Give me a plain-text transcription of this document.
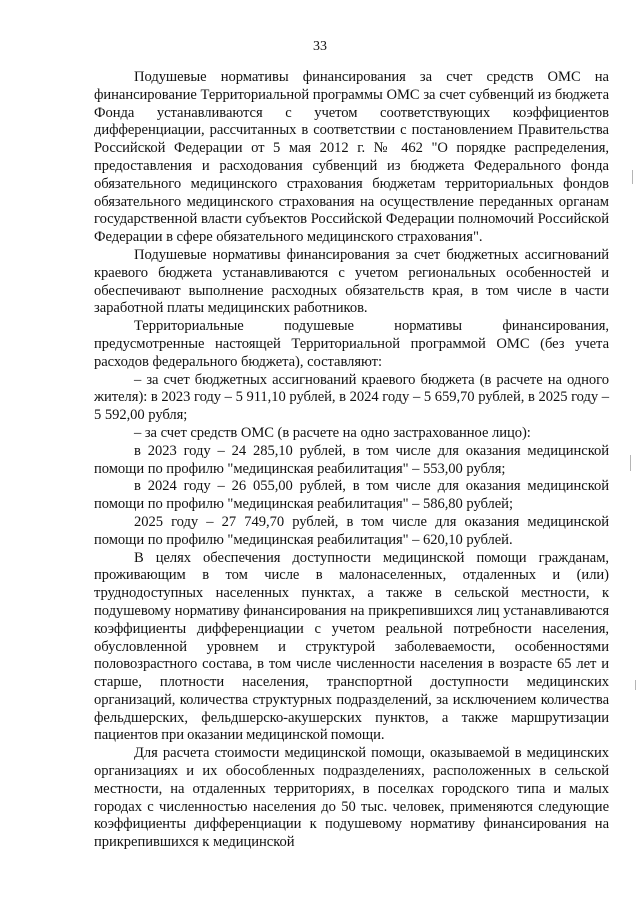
33

Подушевые нормативы финансирования за счет средств ОМС на финансирование Территориальной программы ОМС за счет субвенций из бюджета Фонда устанавливаются с учетом соответствующих коэффициентов дифференциации, рассчитанных в соответствии с постановлением Правительства Российской Федерации от 5 мая 2012 г. № 462 "О порядке распределения, предоставления и расходования субвенций из бюджета Федерального фонда обязательного медицинского страхования бюджетам территориальных фондов обязательного медицинского страхования на осуществление переданных органам государственной власти субъектов Российской Федерации полномочий Российской Федерации в сфере обязательного медицинского страхования".

Подушевые нормативы финансирования за счет бюджетных ассигнований краевого бюджета устанавливаются с учетом региональных особенностей и обеспечивают выполнение расходных обязательств края, в том числе в части заработной платы медицинских работников.

Территориальные подушевые нормативы финансирования, предусмотренные настоящей Территориальной программой ОМС (без учета расходов федерального бюджета), составляют:

– за счет бюджетных ассигнований краевого бюджета (в расчете на одного жителя): в 2023 году – 5 911,10 рублей, в 2024 году – 5 659,70 рублей, в 2025 году – 5 592,00 рубля;

– за счет средств ОМС (в расчете на одно застрахованное лицо):

в 2023 году – 24 285,10 рублей, в том числе для оказания медицинской помощи по профилю "медицинская реабилитация" – 553,00 рубля;

в 2024 году – 26 055,00 рублей, в том числе для оказания медицинской помощи по профилю "медицинская реабилитация" – 586,80 рублей;

2025 году – 27 749,70 рублей, в том числе для оказания медицинской помощи по профилю "медицинская реабилитация" – 620,10 рублей.

В целях обеспечения доступности медицинской помощи гражданам, проживающим в том числе в малонаселенных, отдаленных и (или) труднодоступных населенных пунктах, а также в сельской местности, к подушевому нормативу финансирования на прикрепившихся лиц устанавливаются коэффициенты дифференциации с учетом реальной потребности населения, обусловленной уровнем и структурой заболеваемости, особенностями половозрастного состава, в том числе численности населения в возрасте 65 лет и старше, плотности населения, транспортной доступности медицинских организаций, количества структурных подразделений, за исключением количества фельдшерских, фельдшерско-акушерских пунктов, а также маршрутизации пациентов при оказании медицинской помощи.

Для расчета стоимости медицинской помощи, оказываемой в медицинских организациях и их обособленных подразделениях, расположенных в сельской местности, на отдаленных территориях, в поселках городского типа и малых городах с численностью населения до 50 тыс. человек, применяются следующие коэффициенты дифференциации к подушевому нормативу финансирования на прикрепившихся к медицинской
